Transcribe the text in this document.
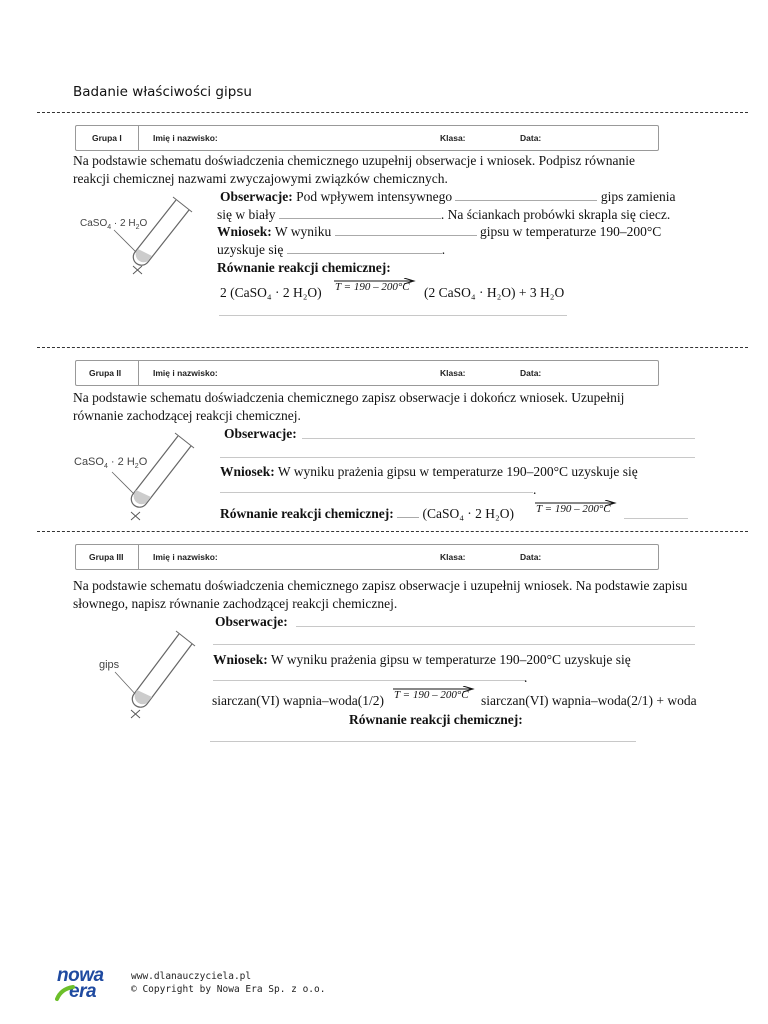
Badanie właściwości gipsu
Grupa I	Imię i nazwisko:	Klasa:	Data:
Na podstawie schematu doświadczenia chemicznego uzupełnij obserwacje i wniosek. Podpisz równanie reakcji chemicznej nazwami zwyczajowymi związków chemicznych.
CaSO$_4$ · 2 $H_2O$
Obserwacje: Pod wpływem intensywnego	gips zamienia
się w biały	. Na ściankach probówki skrapla się ciecz.
Wniosek: W wyniku	gipsu w temperaturze 190–200°C
uzyskuje się	.
Równanie reakcji chemicznej:
2 (CaSO₄ · 2 H₂O)	T = 190 – 200°C (2 CaSO₄ · H₂O) + 3 H₂O
Grupa II	Imię i nazwisko:	Klasa:	Data:
Na podstawie schematu doświadczenia chemicznego zapisz obserwacje i dokończ wniosek. Uzupełnij równanie zachodzącej reakcji chemicznej.
CaSO$_4$ · 2 $H_2O$
Obserwacje:
Wniosek: W wyniku prażenia gipsu w temperaturze 190–200°C uzyskuje się
.
Równanie reakcji chemicznej: (CaSO₄ · 2 H₂O)	T = 190 – 200°C
Grupa III	Imię i nazwisko:	Klasa:	Data:
Na podstawie schematu doświadczenia chemicznego zapisz obserwacje i uzupełnij wniosek. Na podstawie zapisu słownego, napisz równanie zachodzącej reakcji chemicznej.
gips
Obserwacje:
Wniosek: W wyniku prażenia gipsu w temperaturze 190–200°C uzyskuje się
.
siarczan(VI) wapnia–woda(1/2) T = 190 – 200°C siarczan(VI) wapnia–woda(2/1) + woda
Równanie reakcji chemicznej:
nowa
era
www.dlanauczyciela.pl
© Copyright by Nowa Era Sp. z o.o.
